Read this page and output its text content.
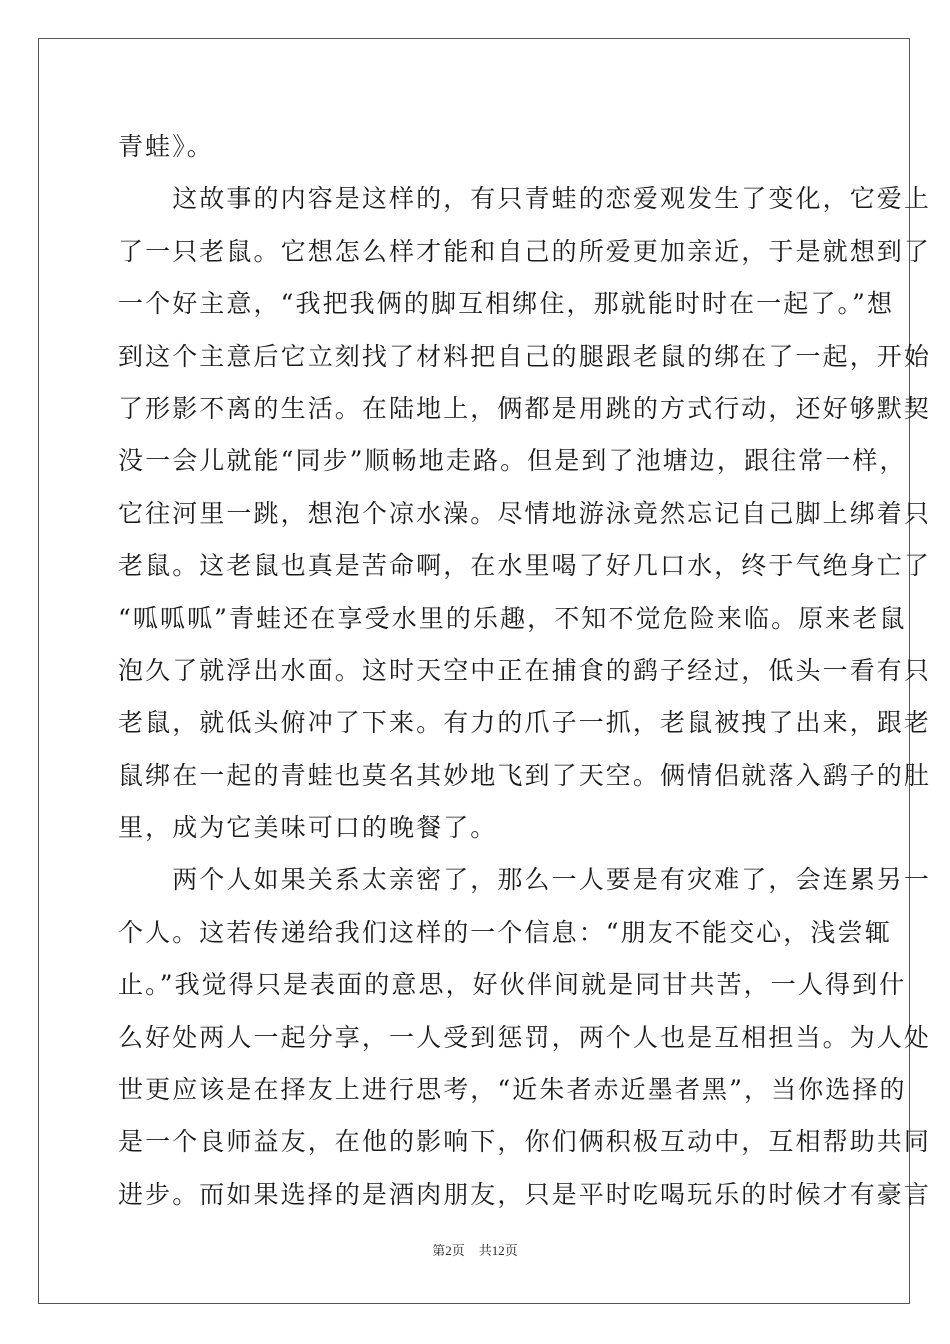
青蛙》。
　　这故事的内容是这样的，有只青蛙的恋爱观发生了变化，它爱上
了一只老鼠。它想怎么样才能和自己的所爱更加亲近，于是就想到了
一个好主意，“我把我俩的脚互相绑住，那就能时时在一起了。”想
到这个主意后它立刻找了材料把自己的腿跟老鼠的绑在了一起，开始
了形影不离的生活。在陆地上，俩都是用跳的方式行动，还好够默契
没一会儿就能“同步”顺畅地走路。但是到了池塘边，跟往常一样，
它往河里一跳，想泡个凉水澡。尽情地游泳竟然忘记自己脚上绑着只
老鼠。这老鼠也真是苦命啊，在水里喝了好几口水，终于气绝身亡了
“呱呱呱”青蛙还在享受水里的乐趣，不知不觉危险来临。原来老鼠
泡久了就浮出水面。这时天空中正在捕食的鹞子经过，低头一看有只
老鼠，就低头俯冲了下来。有力的爪子一抓，老鼠被拽了出来，跟老
鼠绑在一起的青蛙也莫名其妙地飞到了天空。俩情侣就落入鹞子的肚
里，成为它美味可口的晚餐了。
　　两个人如果关系太亲密了，那么一人要是有灾难了，会连累另一
个人。这若传递给我们这样的一个信息：“朋友不能交心，浅尝辄
止。”我觉得只是表面的意思，好伙伴间就是同甘共苦，一人得到什
么好处两人一起分享，一人受到惩罚，两个人也是互相担当。为人处
世更应该是在择友上进行思考，“近朱者赤近墨者黑”，当你选择的
是一个良师益友，在他的影响下，你们俩积极互动中，互相帮助共同
进步。而如果选择的是酒肉朋友，只是平时吃喝玩乐的时候才有豪言
第2页 共12页
